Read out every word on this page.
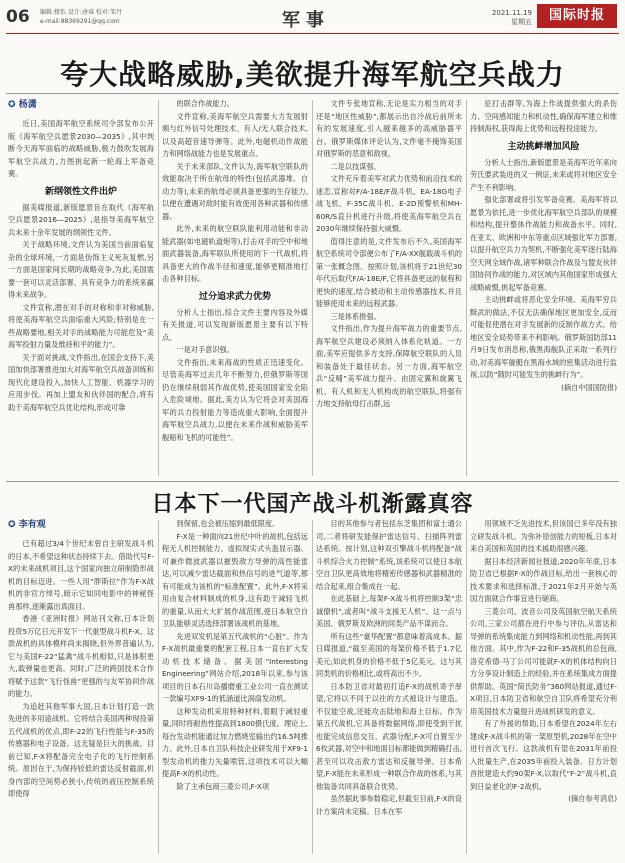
06 编辑:楼怡 设计:唐睿 校对:邹丹
e-mail:88369291@qq.com	军事	2021.11.19
星期五	国际时报
夸大战略威胁,美欲提升海军航空兵战力
✪ 杨潇

近日,美国海军航空系统司令部发布公开版《海军航空兵愿景2030—2035》,其中判断今天海军面临的战略威胁,极力鼓吹发展海军航空兵战力,力图挑起新一轮海上军备竞赛。

新纲领性文件出炉

据美媒报道,新版愿景旨在取代《海军航空兵愿景2016—2025》,是指导美海军航空兵未来十余年发展的纲领性文件。

关于战略环境,文件认为美国当前面临复杂的全球环境,一方面是伪饰主义死灰复燃,另一方面是国家间长期的战略竞争,为此,美国需要一套可以灵活部署、具有竞争力的系统来赢得未来战争。

文件宣称,潜在对手的对称和非对称威胁,将使美海军航空兵面临重大风险;特别是在一些战略要地,相关对手的战略能力可能危及“美海军投射力量及维持和平的能力”。

关于面对挑战,文件指出,在国会支持下,美国加快部署推进加大对海军航空兵战备训练和现代化建设投入,加快人工智能、机器学习的应用步伐。再加上盟友和伙伴国的配合,将有助于美海军航空兵优化结构,形成可靠

的联合作战能力。

文件宣称,美海军航空兵需要大力发展射频与红外信号处理技术、有人/无人联合技术,以及高超音速导弹等。此外,电磁机动作战能力和网络战能力也是发展重点。

关于未来部队,文件认为,海军航空联队的效能取决于所在航母的特性(包括武器堆、自动力等),未来的航母必须具备更强的生存能力,以便在遭遇对敌时能有效使用各种武器和传感器。

此外,未来的航空联队能利用动能和非动能武器(如电磁轨道炮等),打击对手的空中和地面武器装备,海军联队所使用的下一代战机,将具备更大的作战半径和速度,能够更精准地打击各种目标。

过分追求武力优势

分析人士指出,综合文件主要内容及外媒有关报道,可以发现新版愿景主要有以下特点。

一是对手意识强。

文件指出,未来海战的性质正迅速变化。尽管美海军过去几年不断努力,但俄罗斯等国仍在继续削弱其作战优势,使美国国家安全陷入危险境地。据此,美方认为它将会对美国海军的兵力投射能力等造成重大影响,全面提升海军航空兵战力,以便在未来作战和威胁美军舰船和飞机的可能性”。

文件专张地宣称,无论是实力相当的对手还是“地区性威胁”,都展示出自冷战后前所未有的发展速度,引入越来越多的高威胁器平台。俄罗斯媒体评论认为,文件毫不掩饰美国对俄罗斯的恶意和敌视。

二是以技谋强。

文件充斥着美军对武力优势和前沿技术的迷恋,宣称对F/A-18E/F战斗机、EA-18G电子战飞机、F-35C战斗机、E-2D预警机和MH-60R/S直升机进行升级,将使美海军航空兵在2030年继续保持强大威慑。

值得注意的是,文件发布后不久,美国海军航空系统司令部便公布了F/A-XX舰载战斗机的第一张概念图。按照计划,该机将于21世纪30年代后取代F/A-18E/F,它将具备更远的航程和更快的速度,结合被动和主动传感器技术,并且能够使用未来的远程武器。

三是体系推强。

文件指出,作为提升海军战力的重要节点,海军航空兵建设必须纳入体系化轨道。一方面,美军应提供多方支持,保障航空联队的人员和装备处于最佳状态。另一方面,海军航空兵“反哺”美军战力提升。由固定翼和旋翼飞机、有人机和无人机构成的航空联队,将强有力地支持航母打击群,远

征打击群等,为海上作战提供强大的杀伤力、空间感知能力和机动性,确保海军建立和维持制海权,获得海上优势和远程投送能力。

主动挑衅增加风险

分析人士指出,新版愿景是美海军近年来向劳氏要武装进的又一例证,未来或将对地区安全产生不利影响。

强化部署或将引发军备竞赛。美海军将以愿景为依托,进一步优化海军航空兵部队的规模和结构,提升整体作战能力和战备水平。同时,在亚太、欧洲和中东等重点区域强化军力部署,以提升航空兵力为契机,不断强化美军逐行陆海空天网全域作战,诸军种联合作战及与盟友伙伴国协同作战的能力,对区域内其他国家形成强大战略威慑,挑起军备竞赛。

主动挑衅或将恶化安全环境。美海军穷兵黩武的做法,不仅无法确保地区更加安全,反而可能促使潜在对手发展新的反制作战方式。给地区安全局势带来不利影响。俄罗斯国防部11月9日发布消息称,俄黑海舰队正采取一系列行动,对美海军舰艇在黑海水域的密集活动进行监视,以防“随时可能发生的挑衅行为”。

(摘自中国国防报)
日本下一代国产战斗机渐露真容
✪ 李有观

已有超过3/4个世纪未曾自主研发战斗机的日本,不希望这种状态持续下去。借助代号F-X的未来战机项目,这个国家向独立研制隐形战机的目标迈进。一些人用“胖斯拉”作为F-X战机的非官方绰号,暗示它如同电影中的神秘怪兽那样,逐渐露出真面目。

香港《亚洲时报》网站刊文称,日本计划投资5万亿日元开发下一代重型战斗机F-X。这款战机的具体模样尚未揭晓,但外界普遍认为,它与美国F-22“猛禽”战斗机相似,只是体积更大,载弹量也更高。同时,广泛的跨国技术合作将赋予这款“飞行怪兽”更强的与友军协同作战的能力。

为追赶其他军事大国,日本计划打造一款先进的多用途战机。它将结合美国两种现役第五代战机的优点,即F-22的飞行性能与F-35的传感器和电子设备。这无疑是巨大的挑战。目前已知,F-X将配备完全电子化的飞行控制系统。原因在于,为保持较低的雷达反射截面,机身内部的空间势必狭小,传统的液压控制系统即使得

到保留,也会被压缩到最低限度。

F-X是一种面向21世纪中叶的战机,包括远程无人机控制能力、虚拟现实式头盔显示器、可兼作微波武器以摧毁敌方导弹的高性能雷达,可以减少雷达截面和热信号的进气道等,都有可能成为该机的“标准配置”。此外,F-X将采用由复合材料制成的机身,这有助于减轻飞机的重量,从而大大扩展作战范围,使日本航空自卫队能够灵活选择部署该战机的基地。

先进双发机是第五代战机的“心脏”。作为F-X战机最重要的配套工程,日本一直在扩大发动机技术储备。据美国“Interesting Engineering”网站介绍,2018年以来,参与该项目的日本石川岛播磨重工业公司一直在测试一款编号XF9-1的低涵道比涡扇发动机。

这种发动机采用特种材料,着眼于减轻重量,同时将耐热性提高到1800摄氏度。理论上,每台发动机能通过加力燃烧室输出约16.5吨推力。此外,日本自卫队科技企业研发用于XF9-1型发动机的推力矢量喷管,这项技术可以大幅提高F-X的机动性。

除了主承包商三菱公司,F-X项

目的其他参与者包括东芝集团和富士通公司,二者将研发能保护雷达信号、扫描阵列雷达系统。按计划,这种双引擎战斗机将配备“战斗机综合火力控制”系统,该系统可以使日本航空自卫队更高效地将精密传感器和武器精准的结合起来,组合集成在一起。

在此基础上,每架F-X战斗机将控制3架“忠诚僚机”,或者叫“战斗支援无人机”。这一点与美国、俄罗斯及欧洲的同类产品不谋而合。

所有这些“豪华配置”都意味着高成本。据日媒报道,“截至美国的每架价格不低于1.7亿美元;如此机身的价格不低于5亿美元。这与其同类机的价格相比,或将高出不少。

日本防卫省对最初打造F-X的战机寄予厚望,它将以不同于以往的方式被设计与建造。不仅能空战,还能攻击陆地和海上目标。作为第五代战机,它具备将数据网络,即使受到干扰也能完成信息交互、武器分配,F-X可自置至少6枚武器,对空中和地面目标都能做到精确打击,甚至可以攻击敌方雷达和反舰导弹。日本希望,F-X能在未来形成一种联合作战的体系,与其他装备共同具备联合优势。

虽然据此事参数稳定,但截至目前,F-X的设计方案尚未定稿。日本在军

用领域不乏先进技术,但该国已多年没有独立研发战斗机。为弥补原创能力的短板,日本对来自美国和英国的技术援助很感兴趣。

据日本经济新闻社报道,2020年年底,日本防卫省已根据F-X的作战目标,给出一套核心的技术要求和选择标准,于2021年2月开始与英国方面就合作事宜进行磋商。

三菱公司、波音公司及英国航空航天系统公司,三家公司都在进行中参与评估,从雷达和导弹的系统集成能力到网络和机动性能,再到其他方面。其中,作为F-22和F-35战机的总包商,洛克希德·马丁公司可能就F-X的机体结构向日方分享设计制造上的经验,并在系统集成方面提供帮助。英国“简氏防务”360网站报道,通过F-X项目,日本防卫省和航空自卫队将希望充分利用美国技术力量提升进战机研发的意义。

有了外援的帮助,日本希望在2024年左右建成F-X战斗机的第一架原型机,2028年在空中进行首次飞行。这款战机有望在2031年前投入批量生产,在2035年前投入装备。日方计划首批建造大约90架F-X,以取代“F-2”战斗机,直到日益老化的F-2战机。

(摘自参考消息)
